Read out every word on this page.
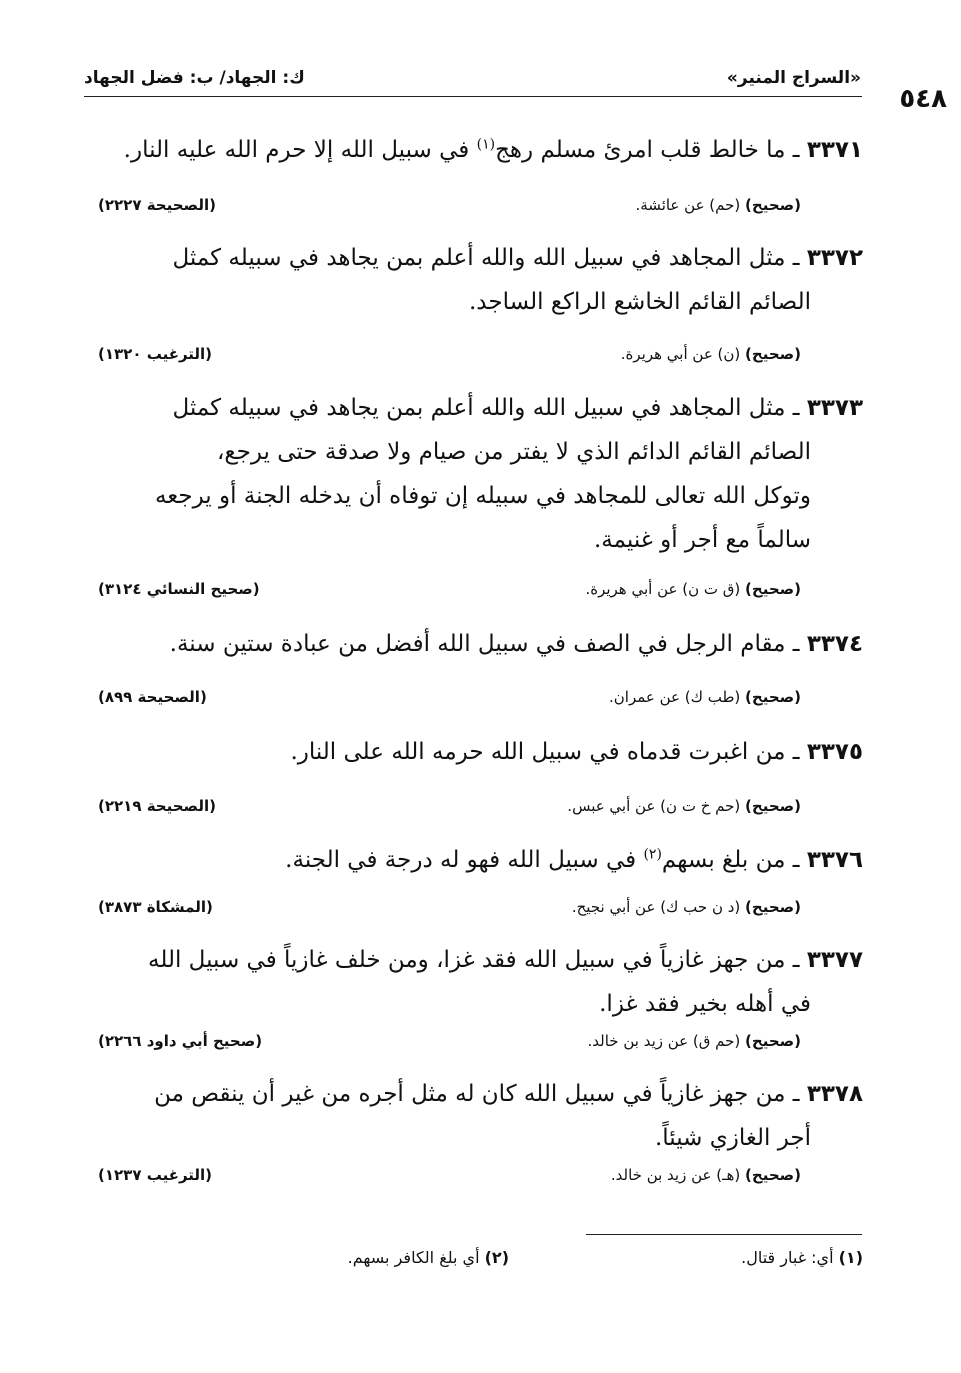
«السراج المنير»
ك: الجهاد/ ب: فضل الجهاد
٥٤٨
٣٣٧١ ـ ما خالط قلب امرئ مسلم رهج$^{(١)}$ في سبيل الله إلا حرم الله عليه النار.
(صحيح) (حم) عن عائشة.
(الصحيحة ٢٢٢٧)
٣٣٧٢ ـ مثل المجاهد في سبيل الله والله أعلم بمن يجاهد في سبيله كمثل
الصائم القائم الخاشع الراكع الساجد.
(صحيح) (ن) عن أبي هريرة.
(الترغيب ١٣٢٠)
٣٣٧٣ ـ مثل المجاهد في سبيل الله والله أعلم بمن يجاهد في سبيله كمثل
الصائم القائم الدائم الذي لا يفتر من صيام ولا صدقة حتى يرجع،
وتوكل الله تعالى للمجاهد في سبيله إن توفاه أن يدخله الجنة أو يرجعه
سالماً مع أجر أو غنيمة.
(صحيح) (ق ت ن) عن أبي هريرة.
(صحيح النسائي ٣١٢٤)
٣٣٧٤ ـ مقام الرجل في الصف في سبيل الله أفضل من عبادة ستين سنة.
(صحيح) (طب ك) عن عمران.
(الصحيحة ٨٩٩)
٣٣٧٥ ـ من اغبرت قدماه في سبيل الله حرمه الله على النار.
(صحيح) (حم خ ت ن) عن أبي عبس.
(الصحيحة ٢٢١٩)
٣٣٧٦ ـ من بلغ بسهم$^{(٢)}$ في سبيل الله فهو له درجة في الجنة.
(صحيح) (د ن حب ك) عن أبي نجيح.
(المشكاة ٣٨٧٣)
٣٣٧٧ ـ من جهز غازياً في سبيل الله فقد غزا، ومن خلف غازياً في سبيل الله
في أهله بخير فقد غزا.
(صحيح) (حم ق) عن زيد بن خالد.
(صحيح أبي داود ٢٢٦٦)
٣٣٧٨ ـ من جهز غازياً في سبيل الله كان له مثل أجره من غير أن ينقص من
أجر الغازي شيئاً.
(صحيح) (هـ) عن زيد بن خالد.
(الترغيب ١٢٣٧)
(١) أي: غبار قتال.
(٢) أي بلغ الكافر بسهم.
